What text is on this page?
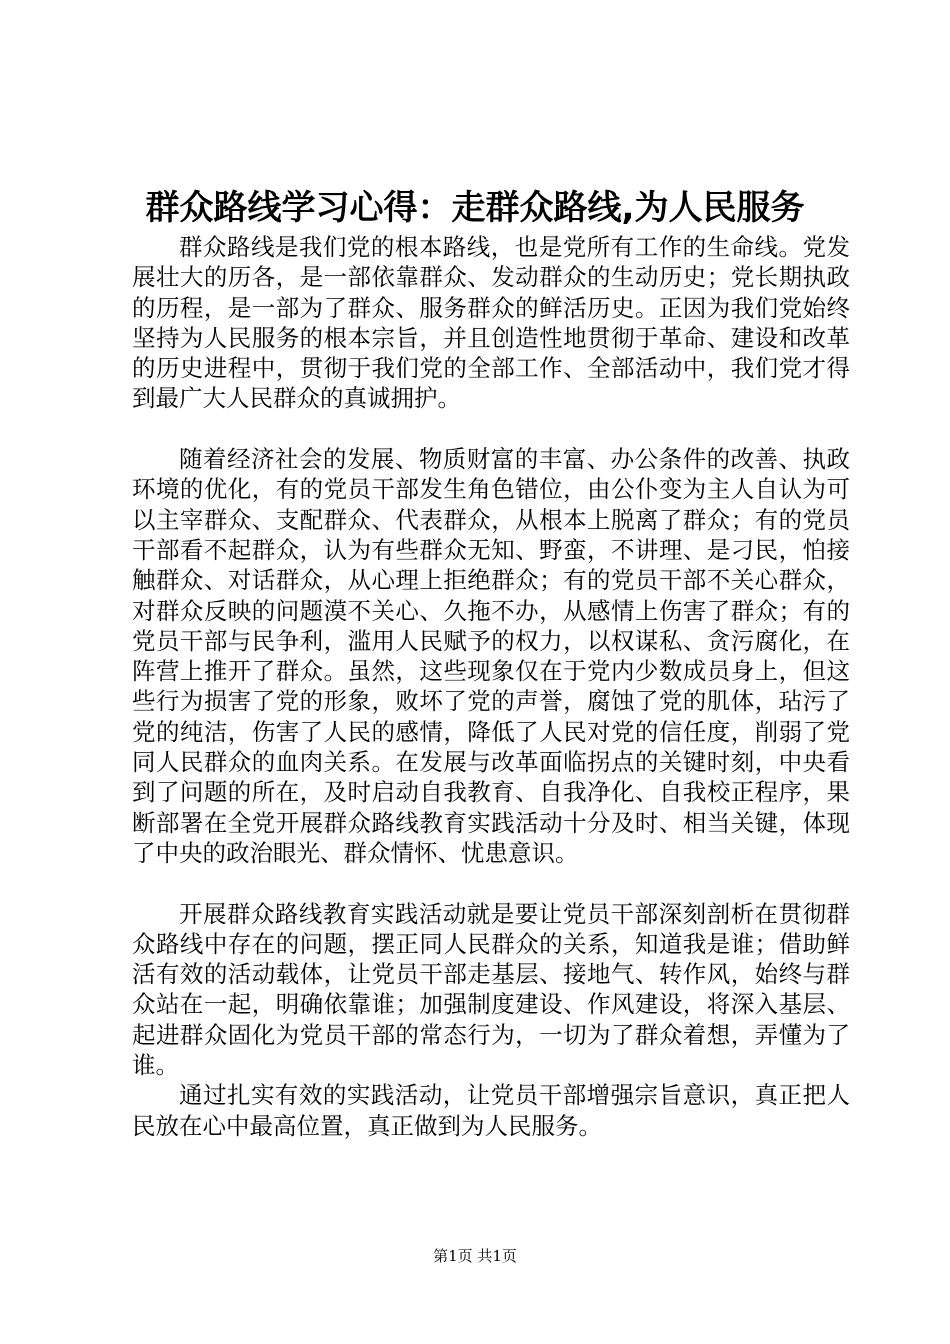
群众路线学习心得：走群众路线,为人民服务

群众路线是我们党的根本路线，也是党所有工作的生命线。党发展壮大的历各，是一部依靠群众、发动群众的生动历史；党长期执政的历程，是一部为了群众、服务群众的鲜活历史。正因为我们党始终坚持为人民服务的根本宗旨，并且创造性地贯彻于革命、建设和改革的历史进程中，贯彻于我们党的全部工作、全部活动中，我们党才得到最广大人民群众的真诚拥护。

随着经济社会的发展、物质财富的丰富、办公条件的改善、执政环境的优化，有的党员干部发生角色错位，由公仆变为主人自认为可以主宰群众、支配群众、代表群众，从根本上脱离了群众；有的党员干部看不起群众，认为有些群众无知、野蛮，不讲理、是刁民，怕接触群众、对话群众，从心理上拒绝群众；有的党员干部不关心群众，对群众反映的问题漠不关心、久拖不办，从感情上伤害了群众；有的党员干部与民争利，滥用人民赋予的权力，以权谋私、贪污腐化，在阵营上推开了群众。虽然，这些现象仅在于党内少数成员身上，但这些行为损害了党的形象，败坏了党的声誉，腐蚀了党的肌体，玷污了党的纯洁，伤害了人民的感情，降低了人民对党的信任度，削弱了党同人民群众的血肉关系。在发展与改革面临拐点的关键时刻，中央看到了问题的所在，及时启动自我教育、自我净化、自我校正程序，果断部署在全党开展群众路线教育实践活动十分及时、相当关键，体现了中央的政治眼光、群众情怀、忧患意识。

开展群众路线教育实践活动就是要让党员干部深刻剖析在贯彻群众路线中存在的问题，摆正同人民群众的关系，知道我是谁；借助鲜活有效的活动载体，让党员干部走基层、接地气、转作风，始终与群众站在一起，明确依靠谁；加强制度建设、作风建设，将深入基层、起进群众固化为党员干部的常态行为，一切为了群众着想，弄懂为了谁。

通过扎实有效的实践活动，让党员干部增强宗旨意识，真正把人民放在心中最高位置，真正做到为人民服务。

第1页 共1页
